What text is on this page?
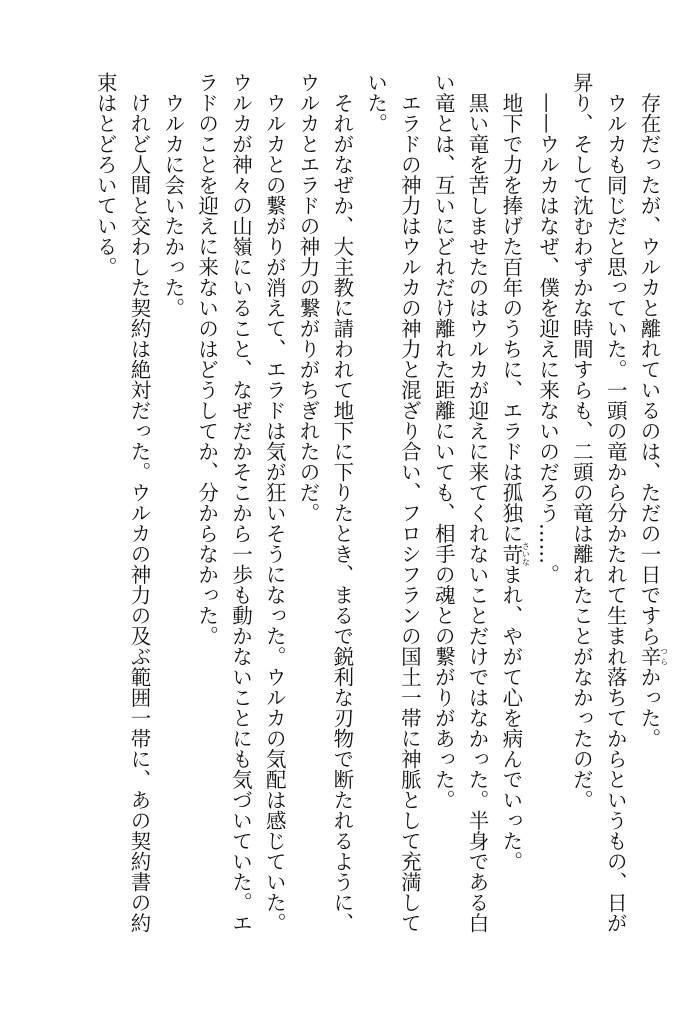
　存在だったが、ウルカと離れているのは、ただの一日ですら辛つらかった。
　ウルカも同じだと思っていた。一頭の竜から分かたれて生まれ落ちてからというもの、日が
昇り、そして沈むわずかな時間すらも、二頭の竜は離れたことがなかったのだ。
　——ウルカはなぜ、僕を迎えに来ないのだろう……。
　地下で力を捧げた百年のうちに、エラドは孤独に苛さいなまれ、やがて心を病んでいった。
　黒い竜を苦しませたのはウルカが迎えに来てくれないことだけではなかった。半身である白
い竜とは、互いにどれだけ離れた距離にいても、相手の魂との繋がりがあった。
　エラドの神力はウルカの神力と混ざり合い、フロシフランの国土一帯に神脈として充満して
いた。
　それがなぜか、大主教に請われて地下に下りたとき、まるで鋭利な刃物で断たれるように、
ウルカとエラドの神力の繋がりがちぎれたのだ。
　ウルカとの繋がりが消えて、エラドは気が狂いそうになった。ウルカの気配は感じていた。
ウルカが神々の山嶺にいること、なぜだかそこから一歩も動かないことにも気づいていた。エ
ラドのことを迎えに来ないのはどうしてか、分からなかった。
　ウルカに会いたかった。
　けれど人間と交わした契約は絶対だった。ウルカの神力の及ぶ範囲一帯に、あの契約書の約
束はとどろいている。
